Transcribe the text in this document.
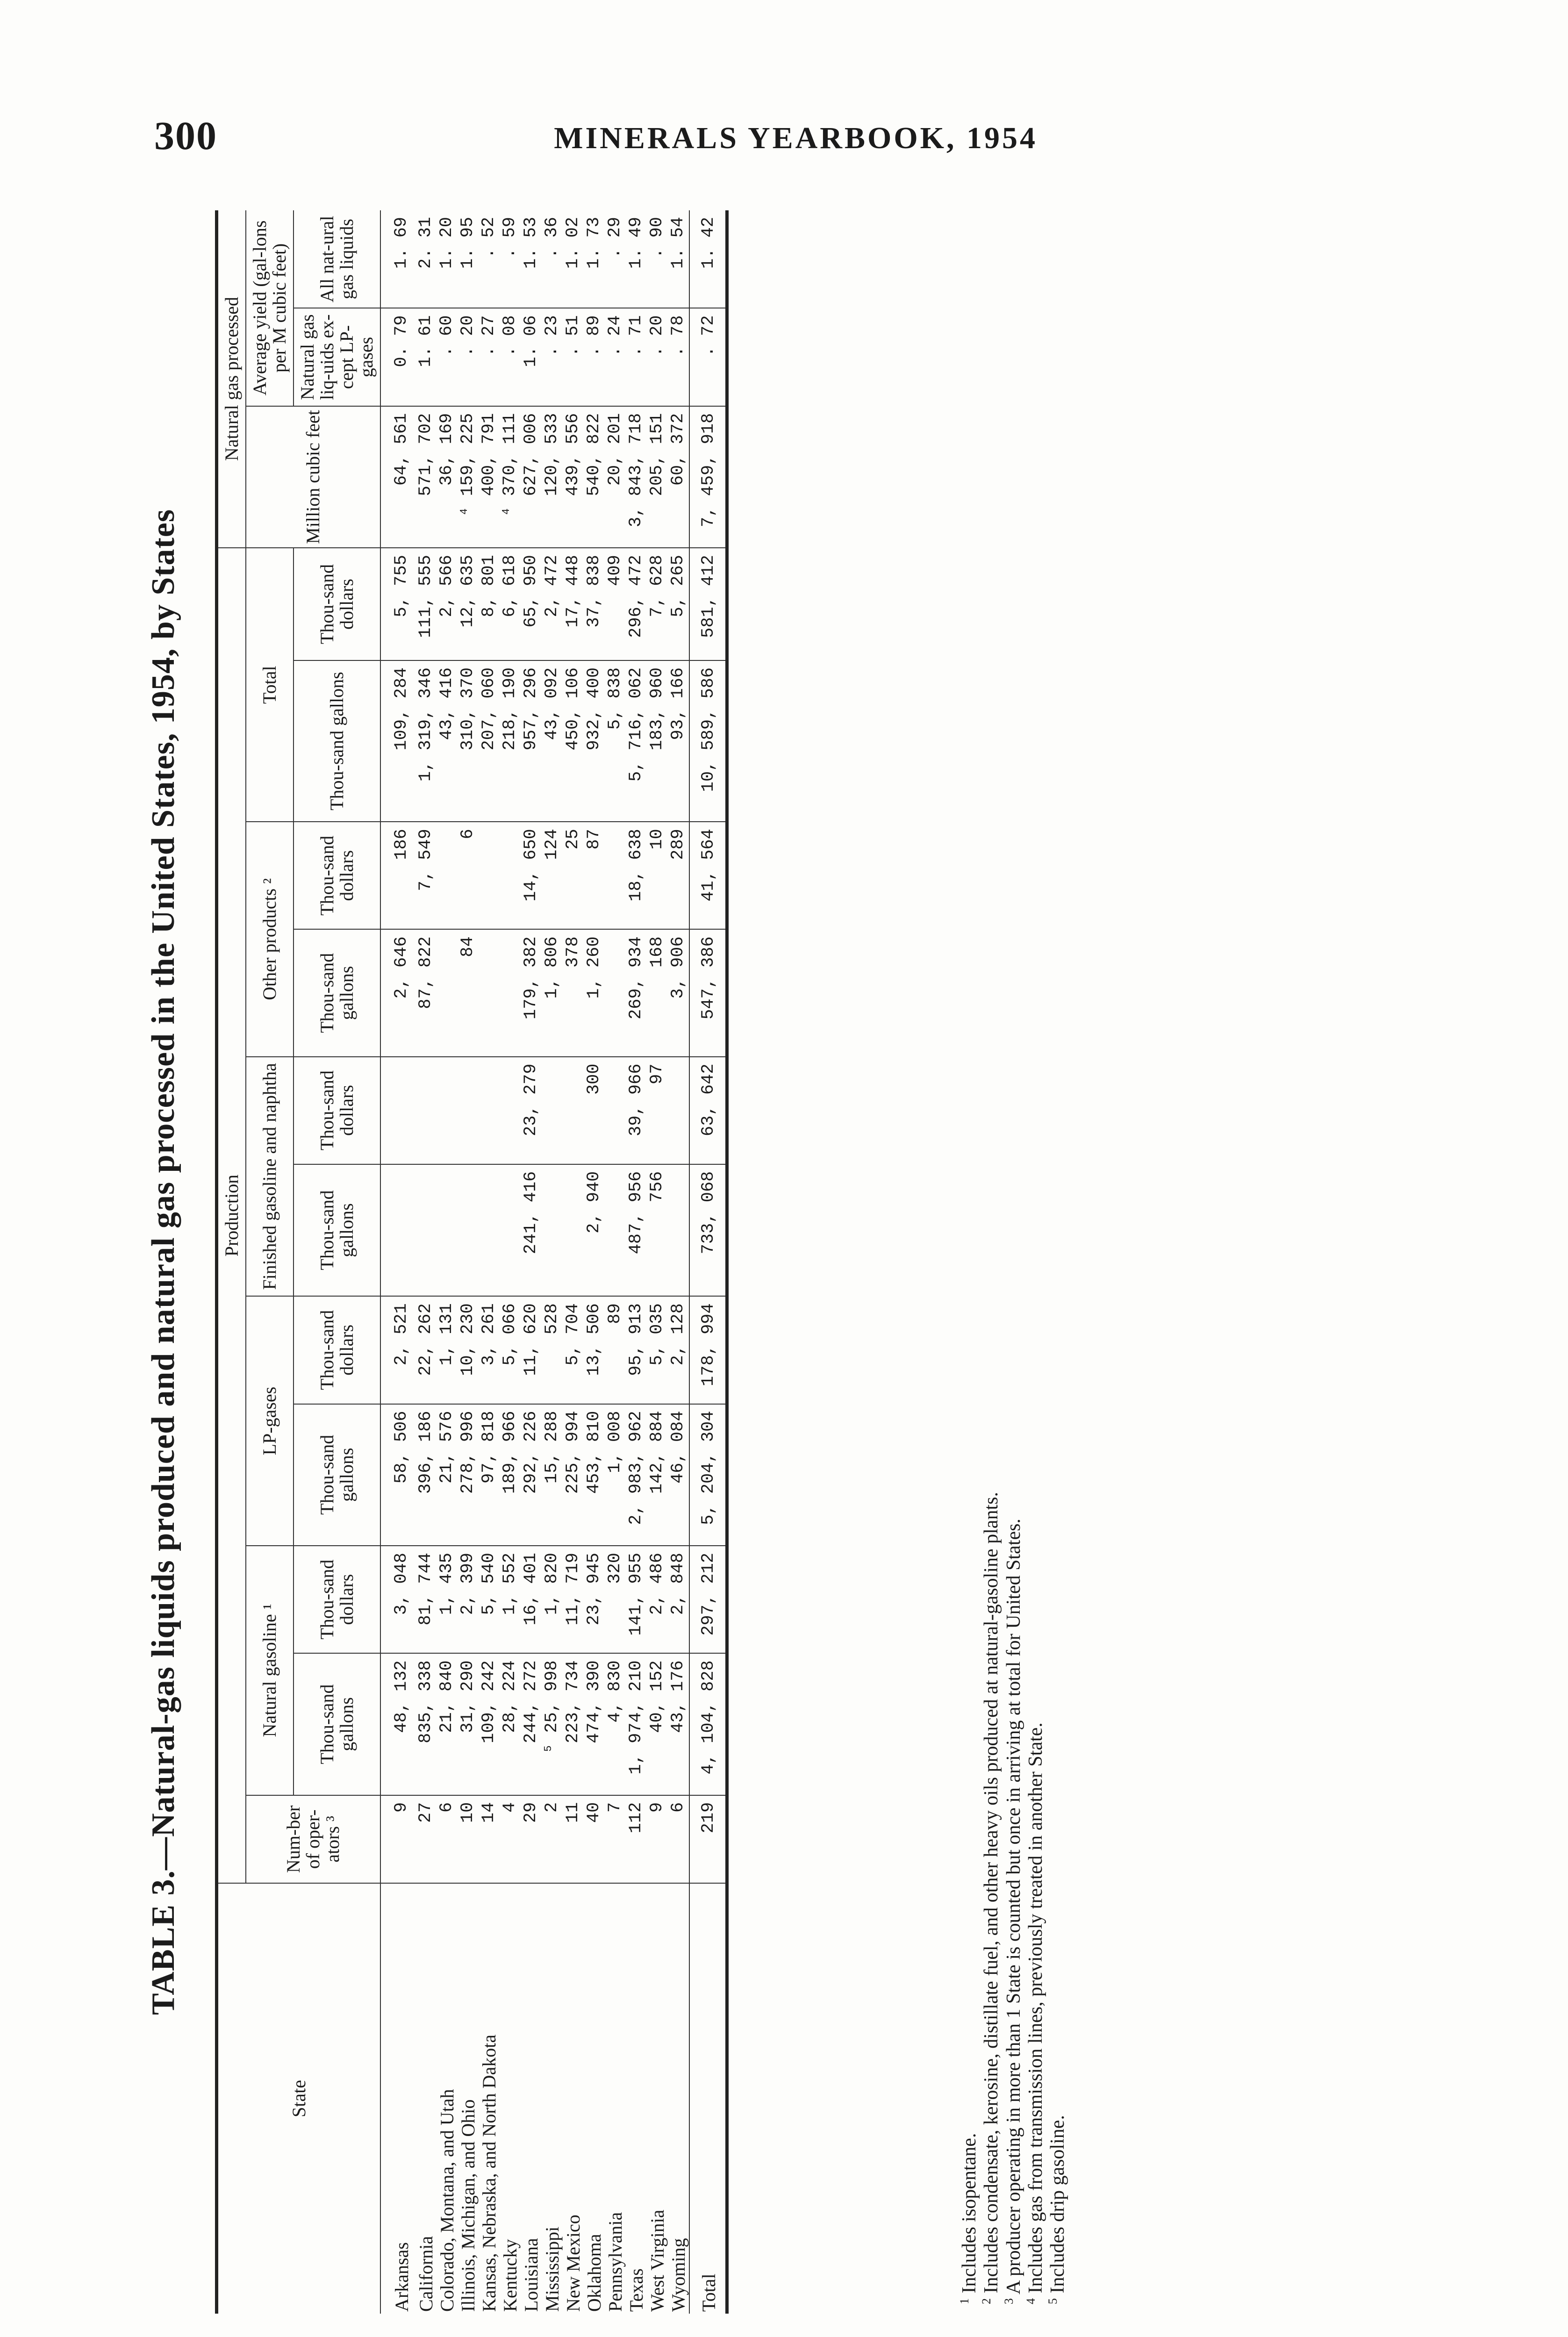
300	MINERALS YEARBOOK, 1954
TABLE 3.—Natural-gas liquids produced and natural gas processed in the United States, 1954, by States
State	Production											Natural gas processed		
	Num-ber of oper-ators ³	Natural gasoline ¹		LP-gases		Finished gasoline and naphtha		Other products ²		Total		Million cubic feet	Average yield (gal-lons per M cubic feet)	
		Thou-sand gallons	Thou-sand dollars	Thou-sand gallons	Thou-sand dollars	Thou-sand gallons	Thou-sand dollars	Thou-sand gallons	Thou-sand dollars	Thou-sand gallons	Thou-sand dollars		Natural gas liq-uids ex-cept LP-gases	All nat-ural gas liquids
Arkansas	9	48, 132	3, 048	58, 506	2, 521			2, 646	186	109, 284	5, 755	64, 561	0. 79	1. 69
California	27	835, 338	81, 744	396, 186	22, 262			87, 822	7, 549	1, 319, 346	111, 555	571, 702	1. 61	2. 31
Colorado, Montana, and Utah	6	21, 840	1, 435	21, 576	1, 131					43, 416	2, 566	36, 169	. 60	1. 20
Illinois, Michigan, and Ohio	10	31, 290	2, 399	278, 996	10, 230			84	6	310, 370	12, 635	⁴ 159, 225	. 20	1. 95
Kansas, Nebraska, and North Dakota	14	109, 242	5, 540	97, 818	3, 261					207, 060	8, 801	400, 791	. 27	. 52
Kentucky	4	28, 224	1, 552	189, 966	5, 066					218, 190	6, 618	⁴ 370, 111	. 08	. 59
Louisiana	29	244, 272	16, 401	292, 226	11, 620	241, 416	23, 279	179, 382	14, 650	957, 296	65, 950	627, 006	1. 06	1. 53
Mississippi	2	⁵ 25, 998	1, 820	15, 288	528			1, 806	124	43, 092	2, 472	120, 533	. 23	. 36
New Mexico	11	223, 734	11, 719	225, 994	5, 704			378	25	450, 106	17, 448	439, 556	. 51	1. 02
Oklahoma	40	474, 390	23, 945	453, 810	13, 506	2, 940	300	1, 260	87	932, 400	37, 838	540, 822	. 89	1. 73
Pennsylvania	7	4, 830	320	1, 008	89					5, 838	409	20, 201	. 24	. 29
Texas	112	1, 974, 210	141, 955	2, 983, 962	95, 913	487, 956	39, 966	269, 934	18, 638	5, 716, 062	296, 472	3, 843, 718	. 71	1. 49
West Virginia	9	40, 152	2, 486	142, 884	5, 035	756	97	168	10	183, 960	7, 628	205, 151	. 20	. 90
Wyoming	6	43, 176	2, 848	46, 084	2, 128			3, 906	289	93, 166	5, 265	60, 372	. 78	1. 54
Total	219	4, 104, 828	297, 212	5, 204, 304	178, 994	733, 068	63, 642	547, 386	41, 564	10, 589, 586	581, 412	7, 459, 918	. 72	1. 42
$^1$ Includes isopentane.
$^2$ Includes condensate, kerosine, distillate fuel, and other heavy oils produced at natural-gasoline plants.
$^3$ A producer operating in more than 1 State is counted but once in arriving at total for United States.
$^4$ Includes gas from transmission lines, previously treated in another State.
$^5$ Includes drip gasoline.
